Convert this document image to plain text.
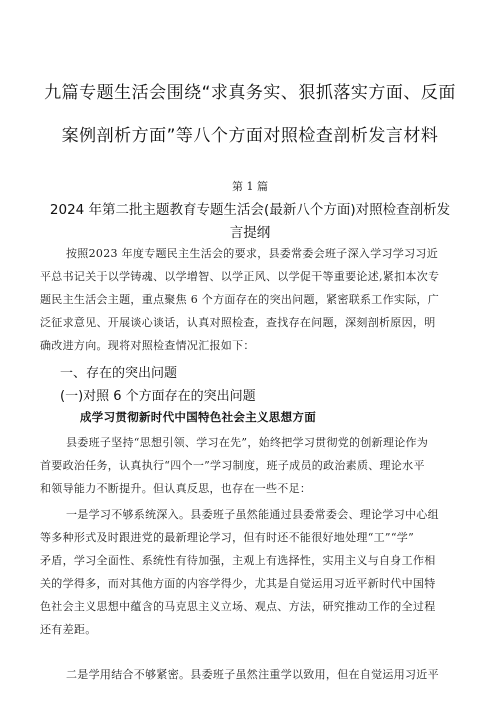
九篇专题生活会围绕“求真务实、狠抓落实方面、反面
案例剖析方面”等八个方面对照检查剖析发言材料
第 1 篇
2024 年第二批主题教育专题生活会(最新八个方面)对照检查剖析发
言提纲
按照2023 年度专题民主生活会的要求，县委常委会班子深入学习学习习近
平总书记关于以学铸魂、以学增智、以学正风、以学促干等重要论述,紧扣本次专
题民主生活会主题，重点聚焦 6 个方面存在的突出问题，紧密联系工作实际，广
泛征求意见、开展谈心谈话，认真对照检查，查找存在问题，深刻剖析原因，明
确改进方向。现将对照检查情况汇报如下：
一、存在的突出问题
(一)对照 6 个方面存在的突出问题
成学习贯彻新时代中国特色社会主义思想方面
县委班子坚持“思想引领、学习在先”，始终把学习贯彻党的创新理论作为
首要政治任务，认真执行“四个一”学习制度，班子成员的政治素质、理论水平
和领导能力不断提升。但认真反思，也存在一些不足：
一是学习不够系统深入。县委班子虽然能通过县委常委会、理论学习中心组
等多种形式及时跟进党的最新理论学习，但有时还不能很好地处理“工”“学”
矛盾，学习全面性、系统性有待加强，主观上有选择性，实用主义与自身工作相
关的学得多，而对其他方面的内容学得少，尤其是自觉运用习近平新时代中国特
色社会主义思想中蕴含的马克思主义立场、观点、方法，研究推动工作的全过程
还有差距。
二是学用结合不够紧密。县委班子虽然注重学以致用，但在自觉运用习近平
